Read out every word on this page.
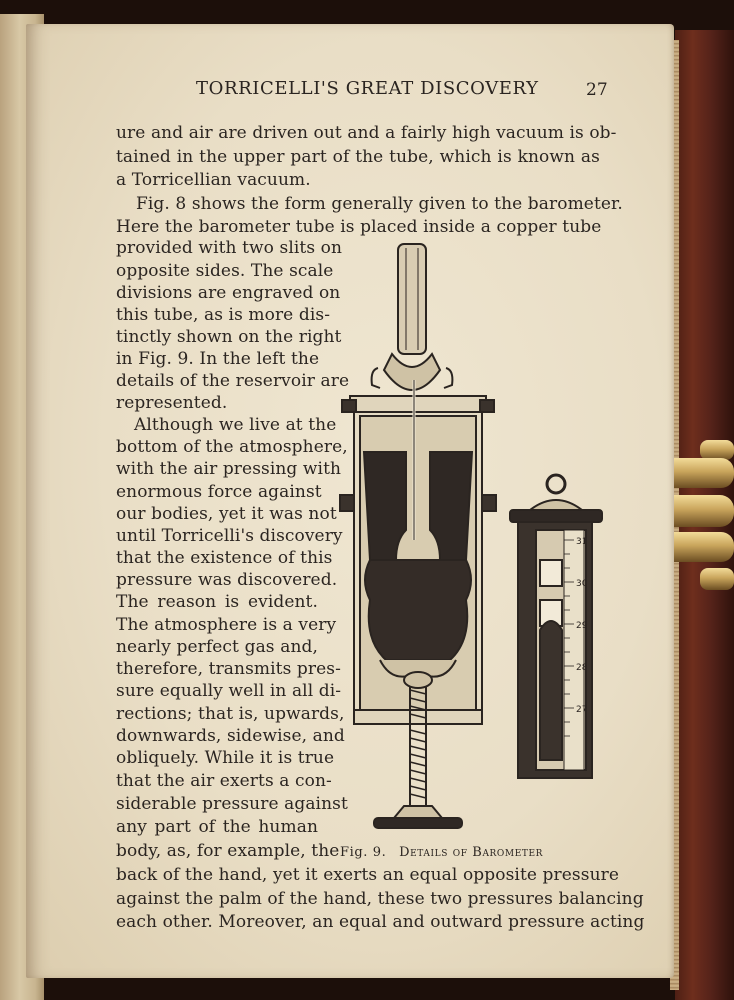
TORRICELLI'S GREAT DISCOVERY	27
ure and air are driven out and a fairly high vacuum is ob-
tained in the upper part of the tube, which is known as
a Torricellian vacuum.
Fig. 8 shows the form generally given to the barometer.
Here the barometer tube is placed inside a copper tube
provided with two slits on
opposite sides. The scale
divisions are engraved on
this tube, as is more dis-
tinctly shown on the right
in Fig. 9. In the left the
details of the reservoir are
represented.
Although we live at the
bottom of the atmosphere,
with the air pressing with
enormous force against
our bodies, yet it was not
until Torricelli's discovery
that the existence of this
pressure was discovered.
The reason is evident.
The atmosphere is a very
nearly perfect gas and,
therefore, transmits pres-
sure equally well in all di-
rections; that is, upwards,
downwards, sidewise, and
obliquely. While it is true
that the air exerts a con-
siderable pressure against
any part of the human
body, as, for example, the
back of the hand, yet it exerts an equal opposite pressure
against the palm of the hand, these two pressures balancing
each other. Moreover, an equal and outward pressure acting
31
30
29
28
27
Fig. 9. Details of Barometer
